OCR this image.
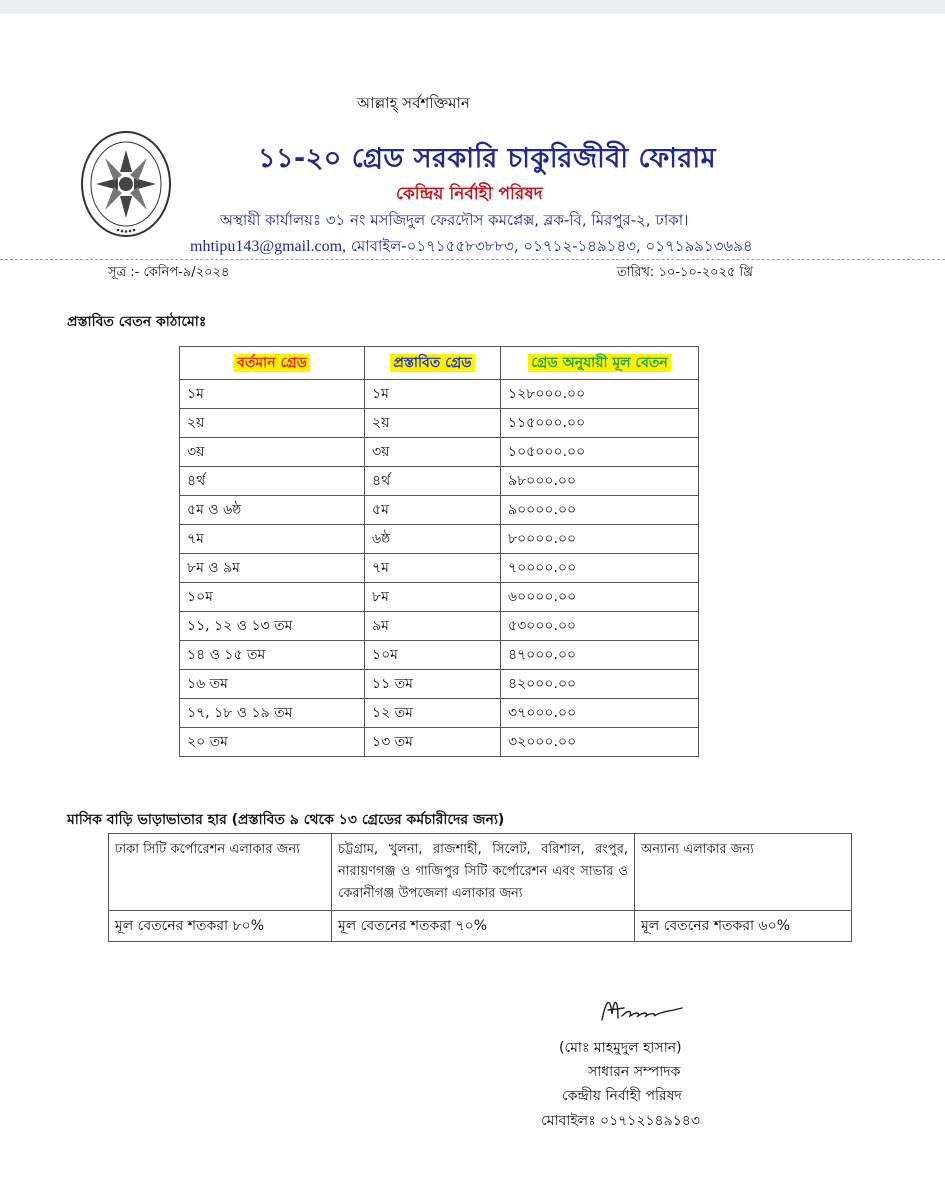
আল্লাহ্‌ সর্বশক্তিমান
১১-২০ গ্রেড সরকারি চাকুরিজীবী ফোরাম
কেন্দ্রিয় নির্বাহী পরিষদ
অস্থায়ী কার্যালয়ঃ ৩১ নং মসজিদুল ফেরদৌস কমপ্লেক্স, ব্লক-বি, মিরপুর-২, ঢাকা।
mhtipu143@gmail.com, মোবাইল-০১৭১৫৫৮৩৮৮৩, ০১৭১২-১৪৯১৪৩, ০১৭১৯৯১৩৬৯৪
সূত্র :- কেনিপ-৯/২০২৪	তারিখ: ১০-১০-২০২৫ খ্রি
প্রস্তাবিত বেতন কাঠামোঃ
বর্তমান গ্রেড	প্রস্তাবিত গ্রেড	গ্রেড অনুযায়ী মূল বেতন
১ম	১ম	১২৮০০০.০০
২য়	২য়	১১৫০০০.০০
৩য়	৩য়	১০৫০০০.০০
৪র্থ	৪র্থ	৯৮০০০.০০
৫ম ও ৬ষ্ঠ	৫ম	৯০০০০.০০
৭ম	৬ষ্ঠ	৮০০০০.০০
৮ম ও ৯ম	৭ম	৭০০০০.০০
১০ম	৮ম	৬০০০০.০০
১১, ১২ ও ১৩ তম	৯ম	৫৩০০০.০০
১৪ ও ১৫ তম	১০ম	৪৭০০০.০০
১৬ তম	১১ তম	৪২০০০.০০
১৭, ১৮ ও ১৯ তম	১২ তম	৩৭০০০.০০
২০ তম	১৩ তম	৩২০০০.০০
মাসিক বাড়ি ভাড়াভাতার হার (প্রস্তাবিত ৯ থেকে ১৩ গ্রেডের কর্মচারীদের জন্য)
ঢাকা সিটি কর্পোরেশন এলাকার জন্য	চট্টগ্রাম, খুলনা, রাজশাহী, সিলেট, বরিশাল, রংপুর, নারায়ণগঞ্জ ও গাজিপুর সিটি কর্পোরেশন এবং সাভার ও কেরানীগঞ্জ উপজেলা এলাকার জন্য	অন্যান্য এলাকার জন্য
মূল বেতনের শতকরা ৮০%	মূল বেতনের শতকরা ৭০%	মূল বেতনের শতকরা ৬০%
(মোঃ মাহমুদুল হাসান)
সাধারন সম্পাদক
কেন্দ্রীয় নির্বাহী পরিষদ
মোবাইলঃ ০১৭১২১৪৯১৪৩
